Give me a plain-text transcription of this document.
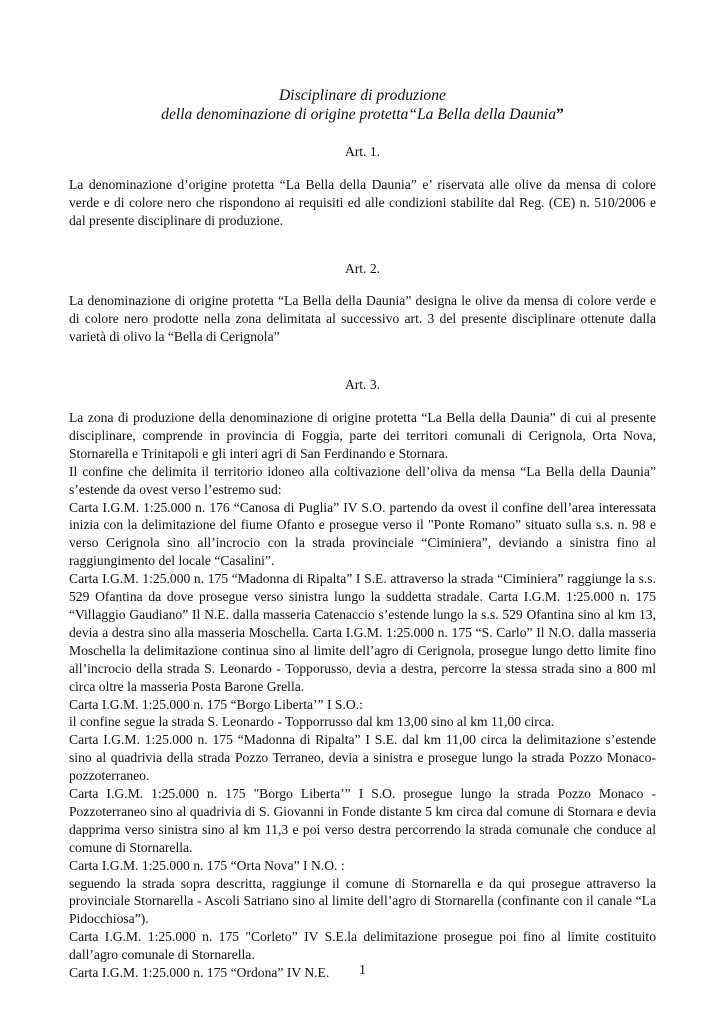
Disciplinare di produzione
della denominazione di origine protetta“La Bella della Daunia”
Art. 1.

La denominazione d’origine protetta “La Bella della Daunia” e’ riservata alle olive da mensa di colore verde e di colore nero che rispondono ai requisiti ed alle condizioni stabilite dal Reg. (CE) n. 510/2006 e dal presente disciplinare di produzione.

Art. 2.

La denominazione di origine protetta “La Bella della Daunia” designa le olive da mensa di colore verde e di colore nero prodotte nella zona delimitata al successivo art. 3 del presente disciplinare ottenute dalla varietà di olivo la “Bella di Cerignola”

Art. 3.

La zona di produzione della denominazione di origine protetta “La Bella della Daunia” di cui al presente disciplinare, comprende in provincia di Foggia, parte dei territori comunali di Cerignola, Orta Nova, Stornarella e Trinitapoli e gli interi agri di San Ferdinando e Stornara.

Il confine che delimita il territorio idoneo alla coltivazione dell’oliva da mensa “La Bella della Daunia” s’estende da ovest verso l’estremo sud:

Carta I.G.M. 1:25.000 n. 176 “Canosa di Puglia” IV S.O. partendo da ovest il confine dell’area interessata inizia con la delimitazione del fiume Ofanto e prosegue verso il "Ponte Romano” situato sulla s.s. n. 98 e verso Cerignola sino all’incrocio con la strada provinciale “Ciminiera”, deviando a sinistra fino al raggiungimento del locale “Casalini”.

Carta I.G.M. 1:25.000 n. 175 “Madonna di Ripalta” I S.E. attraverso la strada “Ciminiera” raggiunge la s.s. 529 Ofantina da dove prosegue verso sinistra lungo la suddetta stradale. Carta I.G.M. 1:25.000 n. 175 “Villaggio Gaudiano” Il N.E. dalla masseria Catenaccio s’estende lungo la s.s. 529 Ofantina sino al km 13, devia a destra sino alla masseria Moschella. Carta I.G.M. 1:25.000 n. 175 “S. Carlo” Il N.O. dalla masseria Moschella la delimitazione continua sino al limite dell’agro di Cerignola, prosegue lungo detto limite fino all’incrocio della strada S. Leonardo - Topporusso, devia a destra, percorre la stessa strada sino a 800 ml circa oltre la masseria Posta Barone Grella.

Carta I.G.M. 1:25.000 n. 175 “Borgo Liberta’” I S.O.:

il confine segue la strada S. Leonardo - Topporrusso dal km 13,00 sino al km 11,00 circa.

Carta I.G.M. 1:25.000 n. 175 “Madonna di Ripalta” I S.E. dal km 11,00 circa la delimitazione s’estende sino al quadrivia della strada Pozzo Terraneo, devia a sinistra e prosegue lungo la strada Pozzo Monaco-pozzoterraneo.

Carta I.G.M. 1:25.000 n. 175 "Borgo Liberta’” I S.O. prosegue lungo la strada Pozzo Monaco - Pozzoterraneo sino al quadrivia di S. Giovanni in Fonde distante 5 km circa dal comune di Stornara e devia dapprima verso sinistra sino al km 11,3 e poi verso destra percorrendo la strada comunale che conduce al comune di Stornarella.

Carta I.G.M. 1:25.000 n. 175 “Orta Nova” I N.O. :

seguendo la strada sopra descritta, raggiunge il comune di Stornarella e da qui prosegue attraverso la provinciale Stornarella - Ascoli Satriano sino al limite dell’agro di Stornarella (confinante con il canale “La Pidocchiosa”).

Carta I.G.M. 1:25.000 n. 175 "Corleto” IV S.E.la delimitazione prosegue poi fino al limite costituito dall’agro comunale di Stornarella.

Carta I.G.M. 1:25.000 n. 175 “Ordona” IV N.E.	1
